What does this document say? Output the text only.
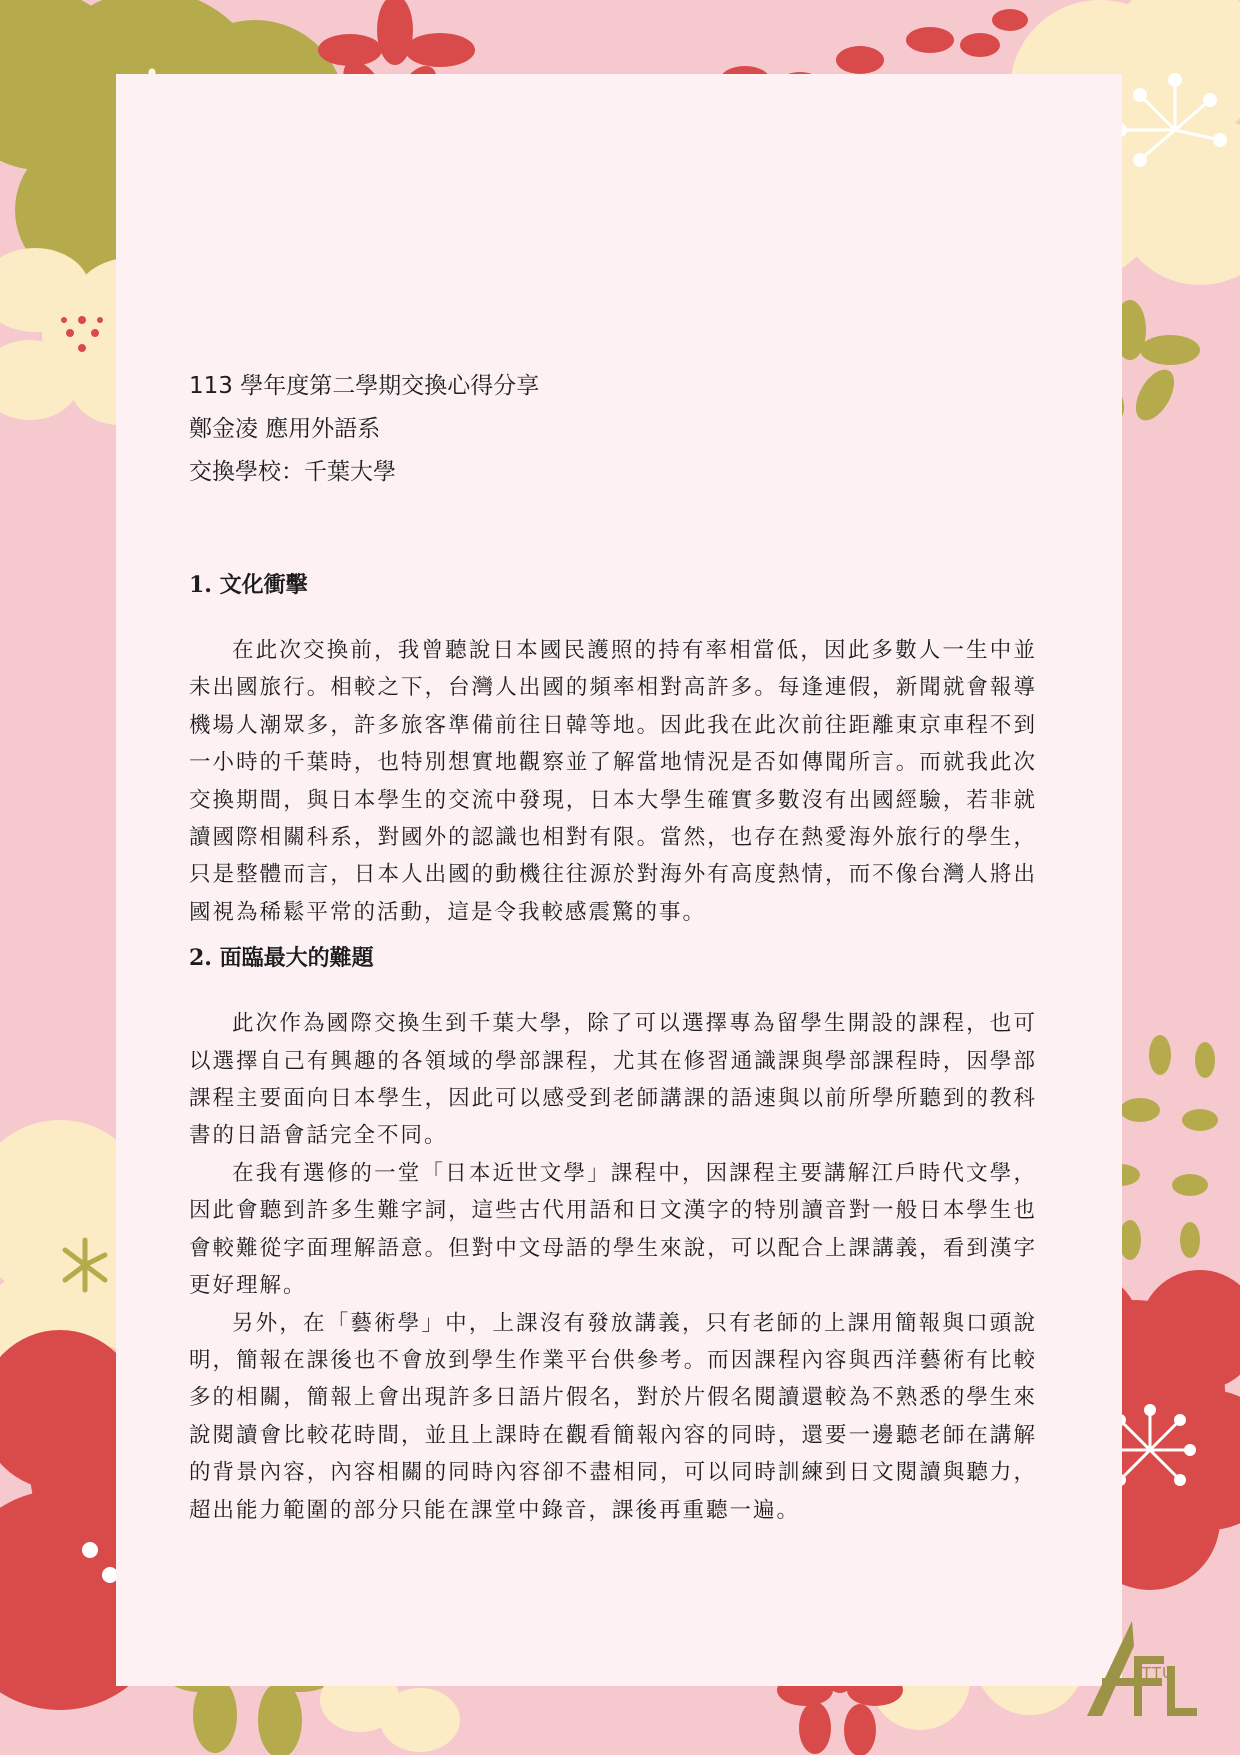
113 學年度第二學期交換心得分享
鄭金凌 應用外語系
交換學校：千葉大學
1. 文化衝擊

在此次交換前，我曾聽說日本國民護照的持有率相當低，因此多數人一生中並未出國旅行。相較之下，台灣人出國的頻率相對高許多。每逢連假，新聞就會報導機場人潮眾多，許多旅客準備前往日韓等地。因此我在此次前往距離東京車程不到一小時的千葉時，也特別想實地觀察並了解當地情況是否如傳聞所言。而就我此次交換期間，與日本學生的交流中發現，日本大學生確實多數沒有出國經驗，若非就讀國際相關科系，對國外的認識也相對有限。當然，也存在熱愛海外旅行的學生，只是整體而言，日本人出國的動機往往源於對海外有高度熱情，而不像台灣人將出國視為稀鬆平常的活動，這是令我較感震驚的事。

2. 面臨最大的難題

此次作為國際交換生到千葉大學，除了可以選擇專為留學生開設的課程，也可以選擇自己有興趣的各領域的學部課程，尤其在修習通識課與學部課程時，因學部課程主要面向日本學生，因此可以感受到老師講課的語速與以前所學所聽到的教科書的日語會話完全不同。

在我有選修的一堂「日本近世文學」課程中，因課程主要講解江戶時代文學，因此會聽到許多生難字詞，這些古代用語和日文漢字的特別讀音對一般日本學生也會較難從字面理解語意。但對中文母語的學生來說，可以配合上課講義，看到漢字更好理解。

另外，在「藝術學」中，上課沒有發放講義，只有老師的上課用簡報與口頭說明，簡報在課後也不會放到學生作業平台供參考。而因課程內容與西洋藝術有比較多的相關，簡報上會出現許多日語片假名，對於片假名閱讀還較為不熟悉的學生來說閱讀會比較花時間，並且上課時在觀看簡報內容的同時，還要一邊聽老師在講解的背景內容，內容相關的同時內容卻不盡相同，可以同時訓練到日文閱讀與聽力，超出能力範圍的部分只能在課堂中錄音，課後再重聽一遍。

TTU
